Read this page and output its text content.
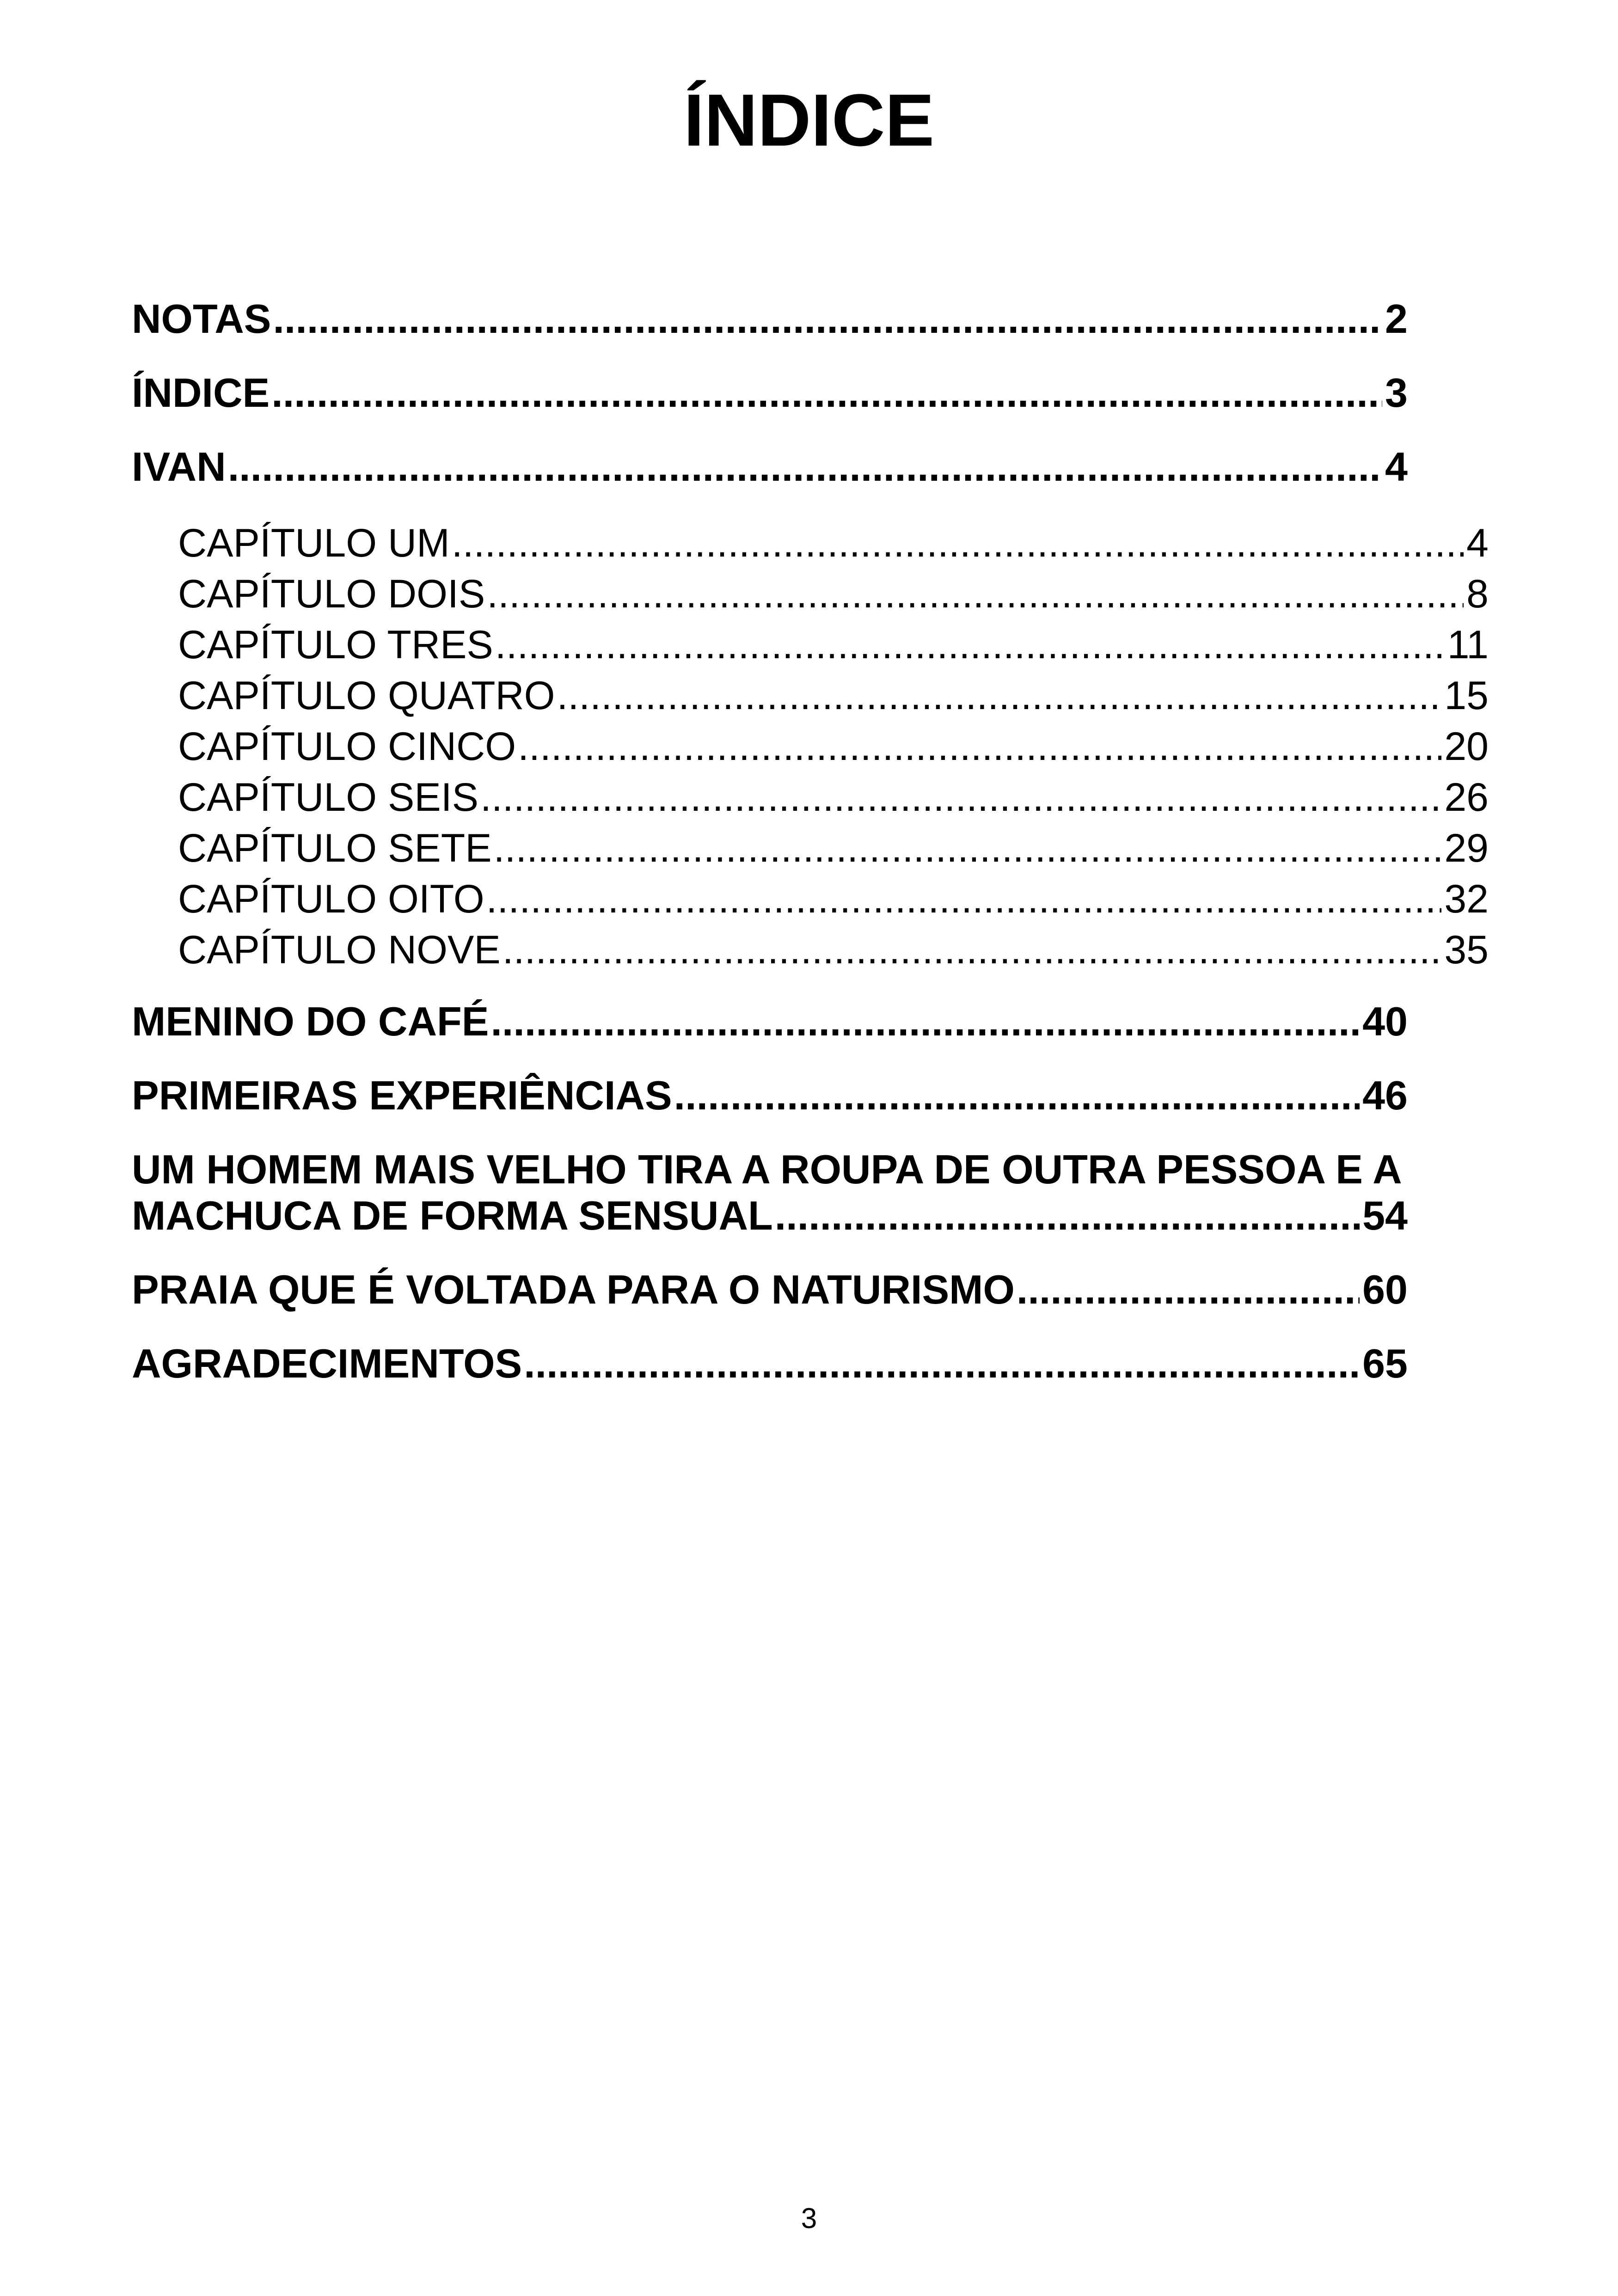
ÍNDICE
NOTAS .....	2
ÍNDICE .....	3
IVAN .....	4
CAPÍTULO UM .....	4
CAPÍTULO DOIS .....	8
CAPÍTULO TRES .....	11
CAPÍTULO QUATRO .....	15
CAPÍTULO CINCO .....	20
CAPÍTULO SEIS .....	26
CAPÍTULO SETE .....	29
CAPÍTULO OITO .....	32
CAPÍTULO NOVE .....	35
MENINO DO CAFÉ .....	40
PRIMEIRAS EXPERIÊNCIAS .....	46
UM HOMEM MAIS VELHO TIRA A ROUPA DE OUTRA PESSOA E A
MACHUCA DE FORMA SENSUAL .....	54
PRAIA QUE É VOLTADA PARA O NATURISMO .....	60
AGRADECIMENTOS .....	65
3
